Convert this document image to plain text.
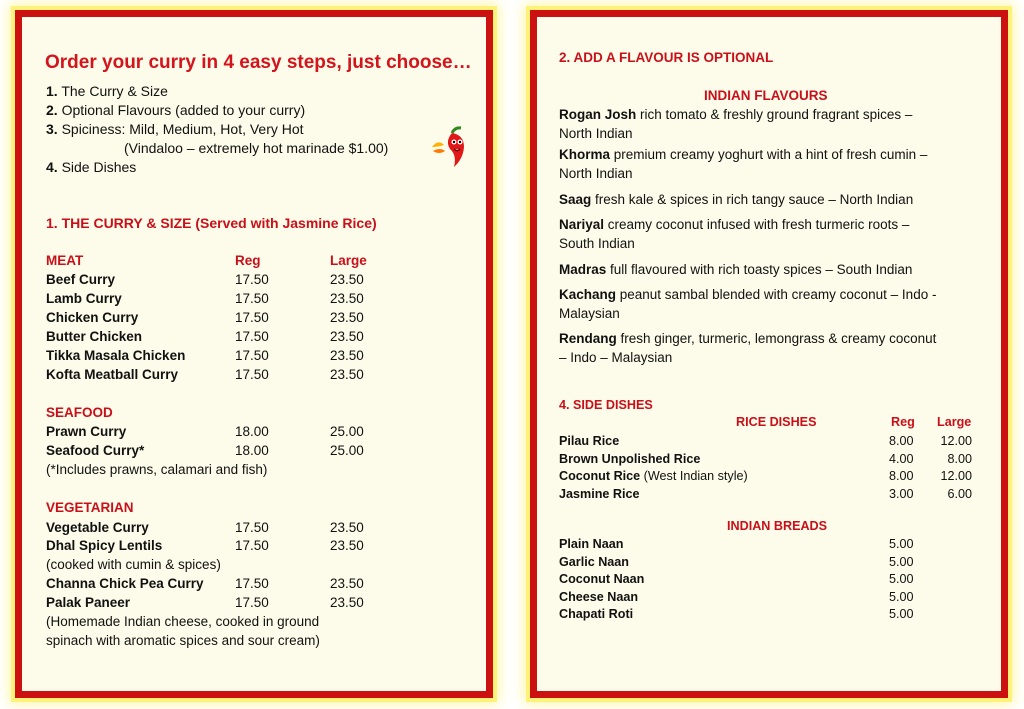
Order your curry in 4 easy steps, just choose…
1. The Curry & Size
2. Optional Flavours (added to your curry)
3. Spiciness: Mild, Medium, Hot, Very Hot
(Vindaloo – extremely hot marinade $1.00)
4. Side Dishes
1. THE CURRY & SIZE (Served with Jasmine Rice)
MEAT	Reg	Large
Beef Curry	17.50	23.50
Lamb Curry	17.50	23.50
Chicken Curry	17.50	23.50
Butter Chicken	17.50	23.50
Tikka Masala Chicken	17.50	23.50
Kofta Meatball Curry	17.50	23.50
SEAFOOD
Prawn Curry	18.00	25.00
Seafood Curry*	18.00	25.00
(*Includes prawns, calamari and fish)
VEGETARIAN
Vegetable Curry	17.50	23.50
Dhal Spicy Lentils	17.50	23.50
(cooked with cumin & spices)
Channa Chick Pea Curry 17.50	23.50
Palak Paneer	17.50	23.50
(Homemade Indian cheese, cooked in ground
spinach with aromatic spices and sour cream)
2. ADD A FLAVOUR IS OPTIONAL
INDIAN FLAVOURS
Rogan Josh rich tomato & freshly ground fragrant spices –
North Indian
Khorma premium creamy yoghurt with a hint of fresh cumin –
North Indian
Saag fresh kale & spices in rich tangy sauce – North Indian
Nariyal creamy coconut infused with fresh turmeric roots –
South Indian
Madras full flavoured with rich toasty spices – South Indian
Kachang peanut sambal blended with creamy coconut – Indo -
Malaysian
Rendang fresh ginger, turmeric, lemongrass & creamy coconut
– Indo – Malaysian
4. SIDE DISHES
RICE DISHES	Reg Large
Pilau Rice	8.00	12.00
Brown Unpolished Rice	4.00	8.00
Coconut Rice (West Indian style)	8.00	12.00
Jasmine Rice	3.00	6.00
INDIAN BREADS
Plain Naan	5.00
Garlic Naan	5.00
Coconut Naan	5.00
Cheese Naan	5.00
Chapati Roti	5.00
